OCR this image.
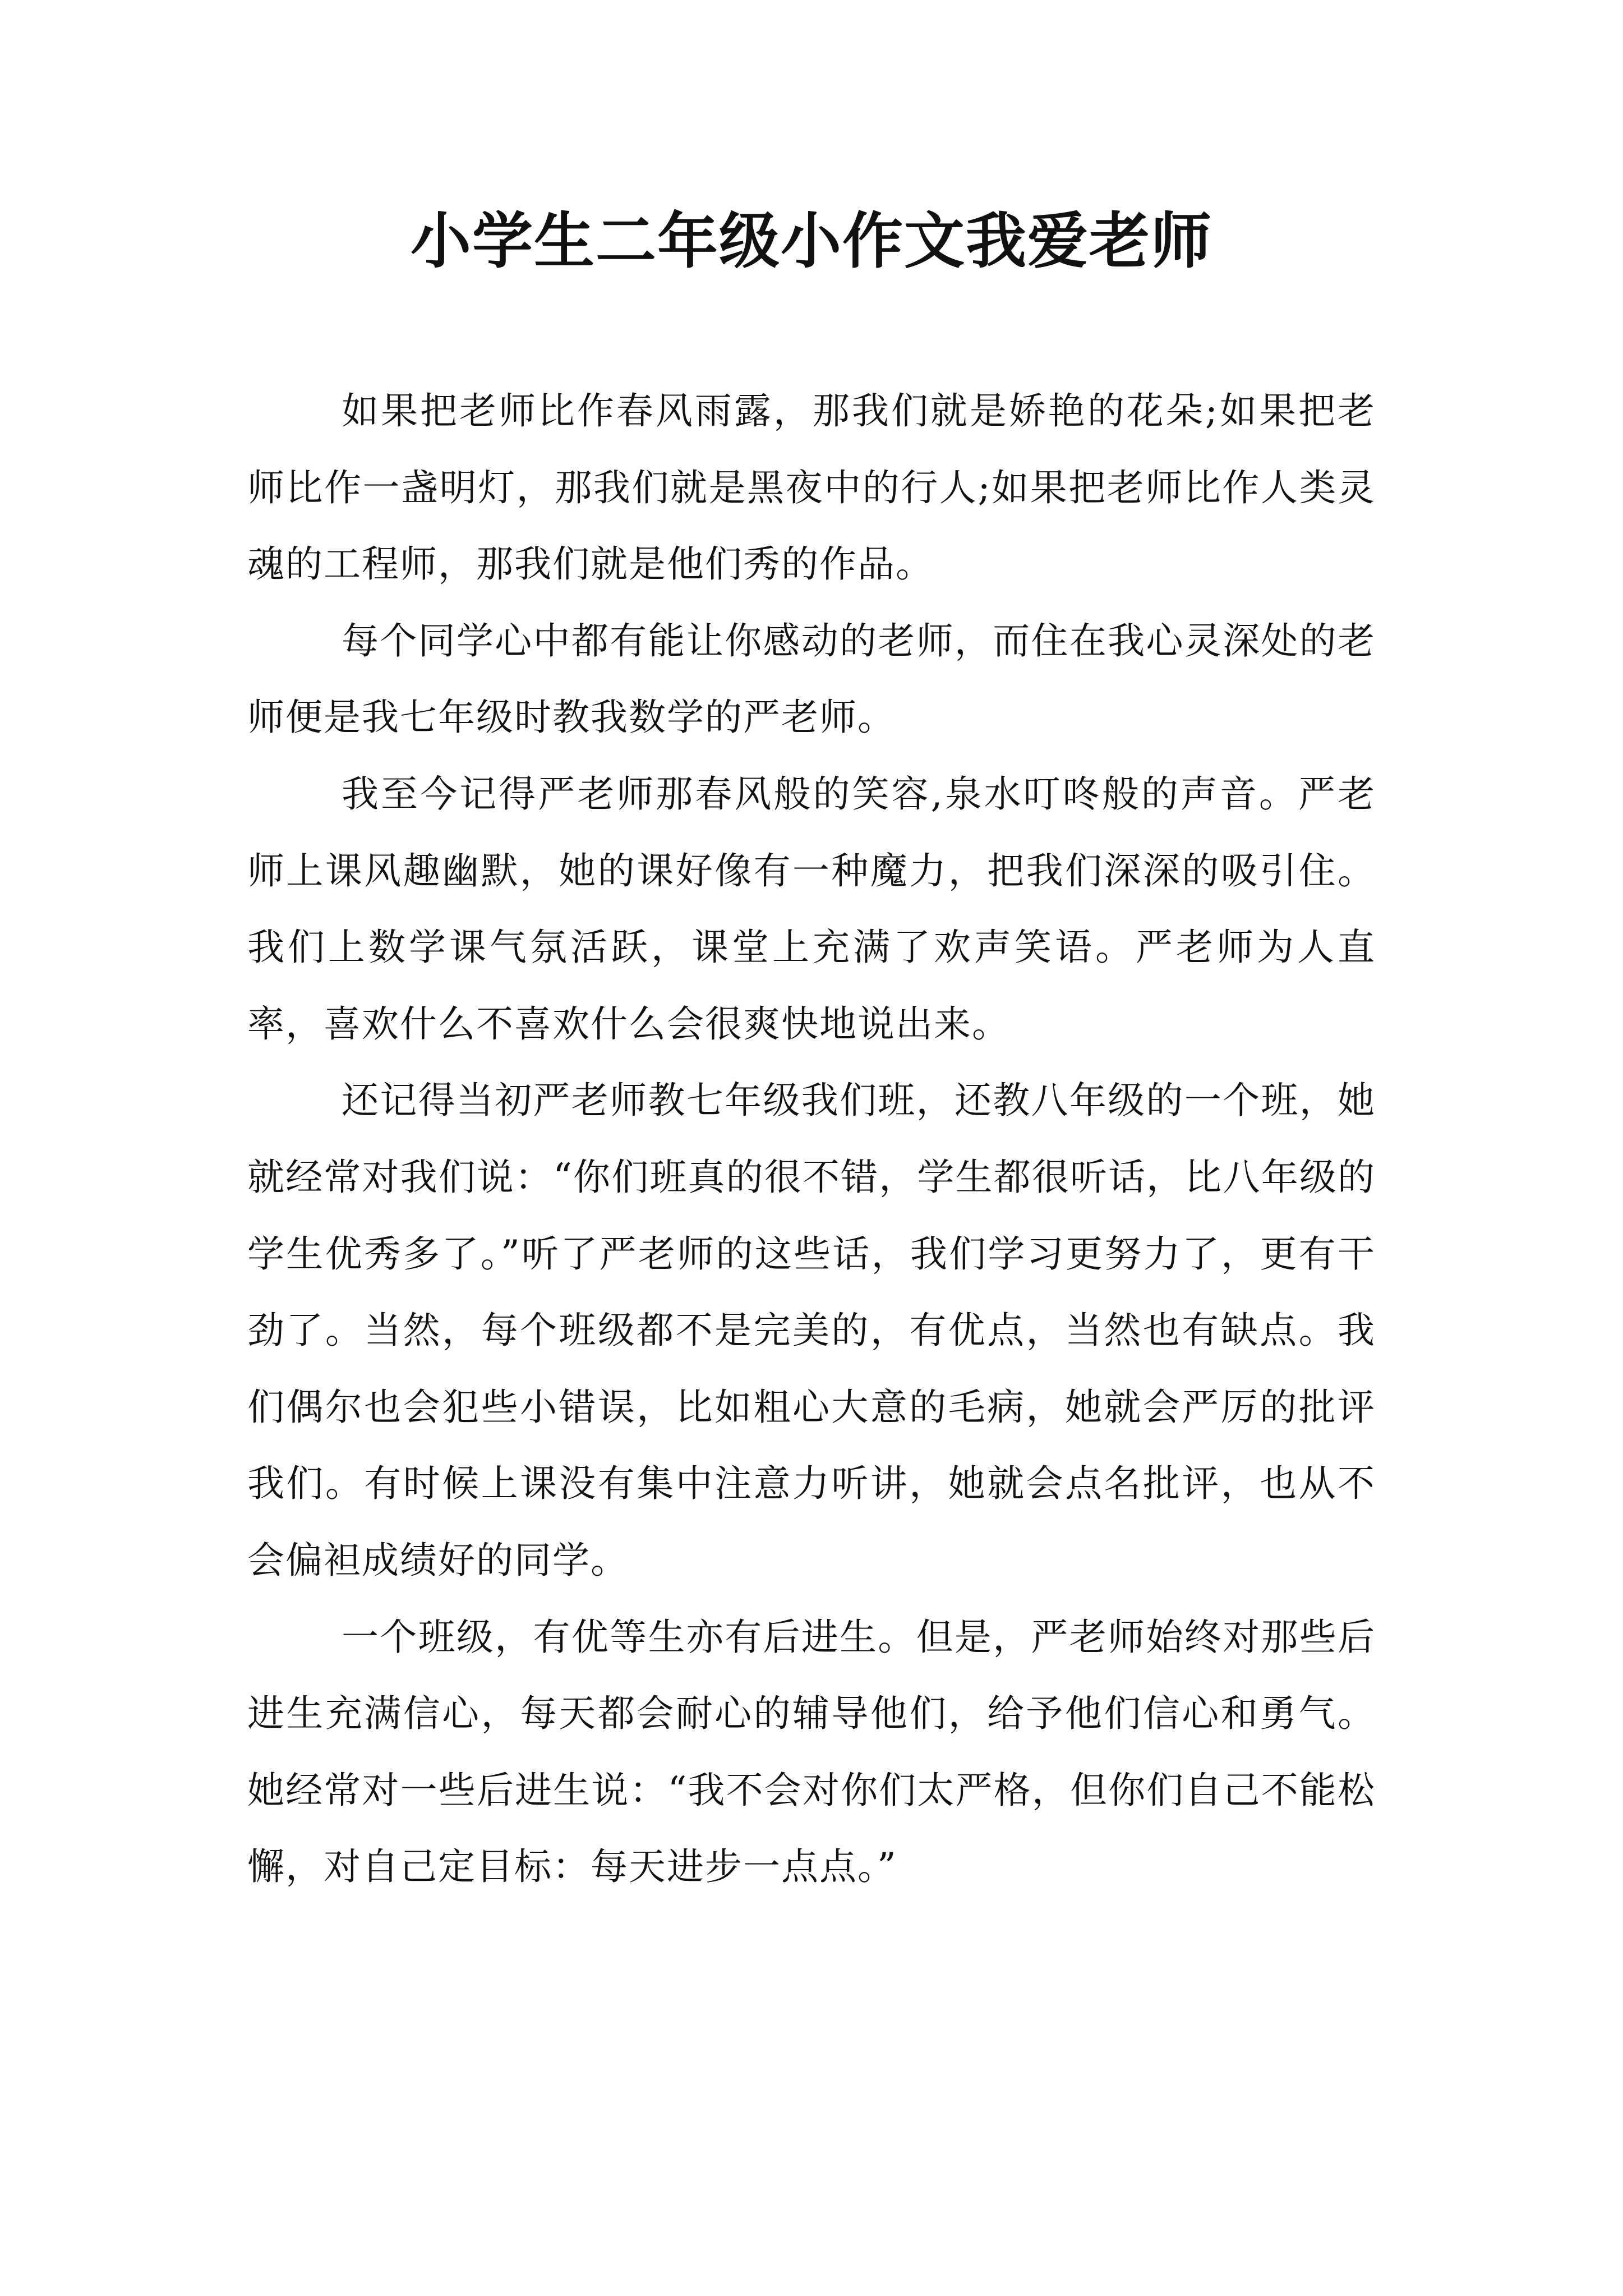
小学生二年级小作文我爱老师

如果把老师比作春风雨露，那我们就是娇艳的花朵;如果把老师比作一盏明灯，那我们就是黑夜中的行人;如果把老师比作人类灵魂的工程师，那我们就是他们秀的作品。

每个同学心中都有能让你感动的老师，而住在我心灵深处的老师便是我七年级时教我数学的严老师。

我至今记得严老师那春风般的笑容,泉水叮咚般的声音。严老师上课风趣幽默，她的课好像有一种魔力，把我们深深的吸引住。我们上数学课气氛活跃，课堂上充满了欢声笑语。严老师为人直率，喜欢什么不喜欢什么会很爽快地说出来。

还记得当初严老师教七年级我们班，还教八年级的一个班，她就经常对我们说：“你们班真的很不错，学生都很听话，比八年级的学生优秀多了。”听了严老师的这些话，我们学习更努力了，更有干劲了。当然，每个班级都不是完美的，有优点，当然也有缺点。我们偶尔也会犯些小错误，比如粗心大意的毛病，她就会严厉的批评我们。有时候上课没有集中注意力听讲，她就会点名批评，也从不会偏袒成绩好的同学。

一个班级，有优等生亦有后进生。但是，严老师始终对那些后进生充满信心，每天都会耐心的辅导他们，给予他们信心和勇气。她经常对一些后进生说：“我不会对你们太严格，但你们自己不能松懈，对自己定目标：每天进步一点点。”
